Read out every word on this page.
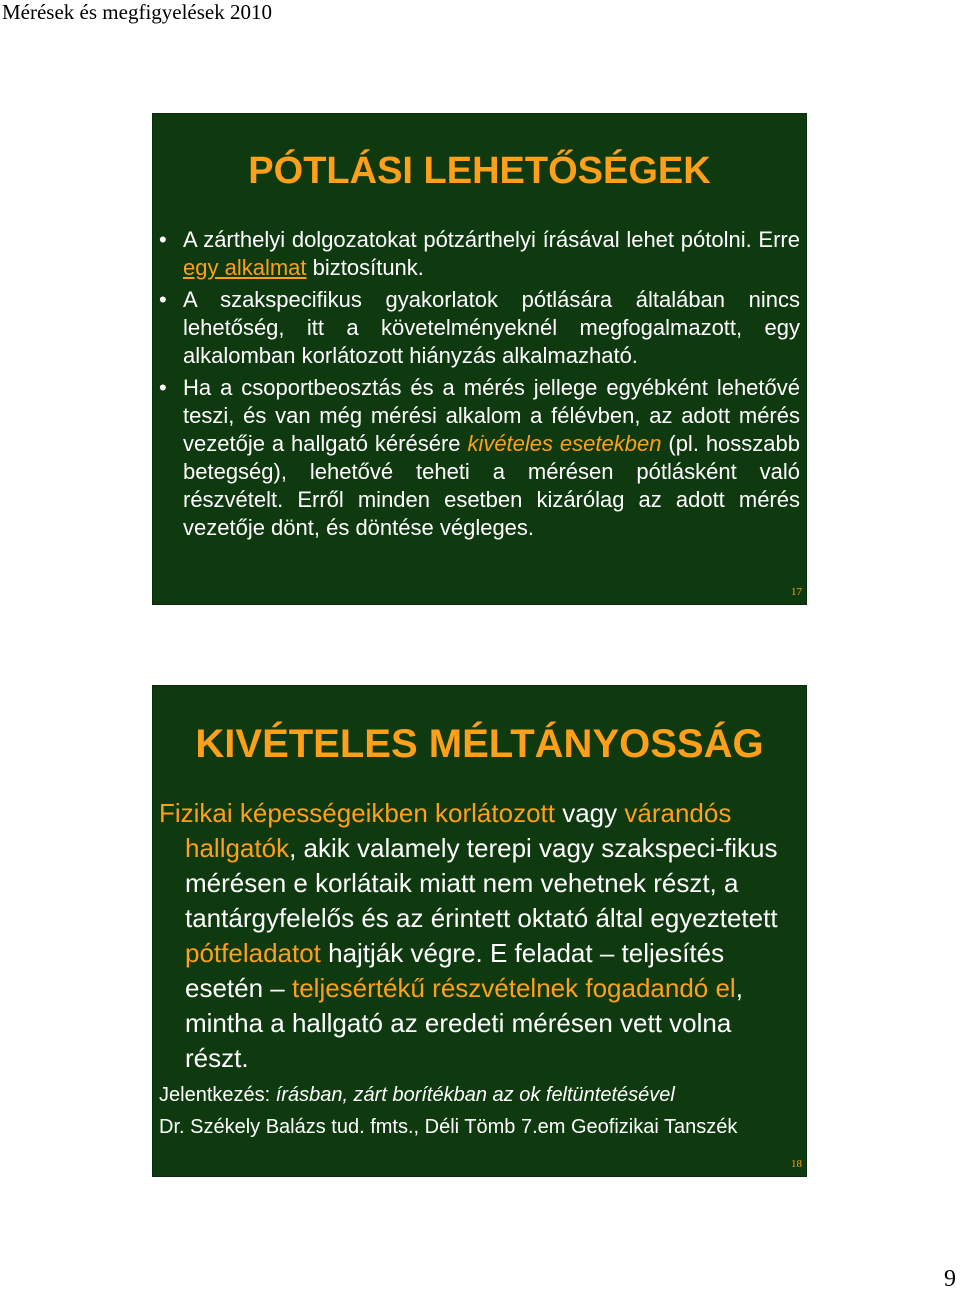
Mérések és megfigyelések 2010
PÓTLÁSI LEHETŐSÉGEK
• A zárthelyi dolgozatokat pótzárthelyi írásával lehet pótolni. Erre egy alkalmat biztosítunk.
• A szakspecifikus gyakorlatok pótlására általában nincs lehetőség, itt a követelményeknél megfogalmazott, egy alkalomban korlátozott hiányzás alkalmazható.
• Ha a csoportbeosztás és a mérés jellege egyébként lehetővé teszi, és van még mérési alkalom a félévben, az adott mérés vezetője a hallgató kérésére kivételes esetekben (pl. hosszabb betegség), lehetővé teheti a mérésen pótlásként való részvételt. Erről minden esetben kizárólag az adott mérés vezetője dönt, és döntése végleges.
17
KIVÉTELES MÉLTÁNYOSSÁG
Fizikai képességeikben korlátozott vagy várandós hallgatók, akik valamely terepi vagy szakspeci-fikus mérésen e korlátaik miatt nem vehetnek részt, a tantárgyfelelős és az érintett oktató által egyeztetett pótfeladatot hajtják végre. E feladat – teljesítés esetén – teljesértékű részvételnek fogadandó el, mintha a hallgató az eredeti mérésen vett volna részt.
Jelentkezés: írásban, zárt borítékban az ok feltüntetésével
Dr. Székely Balázs tud. fmts., Déli Tömb 7.em Geofizikai Tanszék
18
9
